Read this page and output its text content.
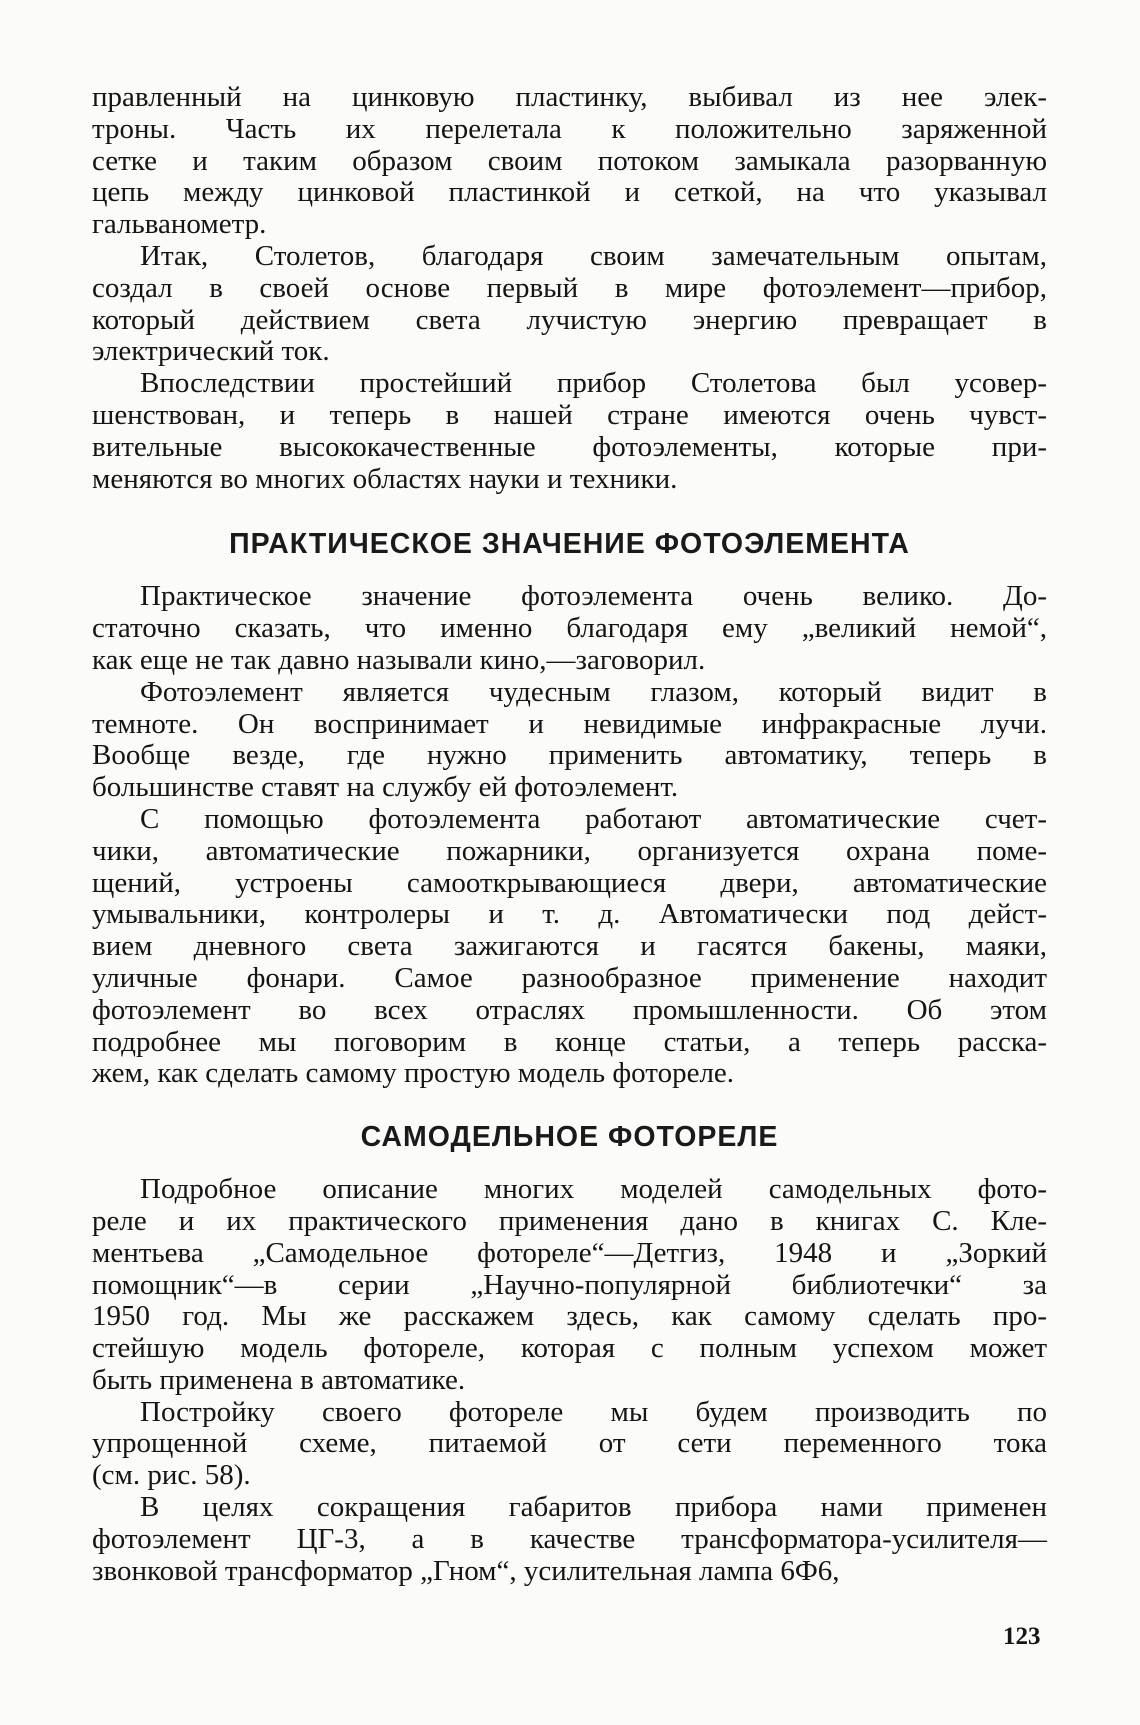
правленный на цинковую пластинку, выбивал из нее элек-
троны. Часть их перелетала к положительно заряженной
сетке и таким образом своим потоком замыкала разорванную
цепь между цинковой пластинкой и сеткой, на что указывал
гальванометр.

Итак, Столетов, благодаря своим замечательным опытам,
создал в своей основе первый в мире фотоэлемент—прибор,
который действием света лучистую энергию превращает в
электрический ток.

Впоследствии простейший прибор Столетова был усовер-
шенствован, и теперь в нашей стране имеются очень чувст-
вительные высококачественные фотоэлементы, которые при-
меняются во многих областях науки и техники.

ПРАКТИЧЕСКОЕ ЗНАЧЕНИЕ ФОТОЭЛЕМЕНТА

Практическое значение фотоэлемента очень велико. До-
статочно сказать, что именно благодаря ему „великий немой“,
как еще не так давно называли кино,—заговорил.

Фотоэлемент является чудесным глазом, который видит в
темноте. Он воспринимает и невидимые инфракрасные лучи.
Вообще везде, где нужно применить автоматику, теперь в
большинстве ставят на службу ей фотоэлемент.

С помощью фотоэлемента работают автоматические счет-
чики, автоматические пожарники, организуется охрана поме-
щений, устроены самооткрывающиеся двери, автоматические
умывальники, контролеры и т. д. Автоматически под дейст-
вием дневного света зажигаются и гасятся бакены, маяки,
уличные фонари. Самое разнообразное применение находит
фотоэлемент во всех отраслях промышленности. Об этом
подробнее мы поговорим в конце статьи, а теперь расска-
жем, как сделать самому простую модель фотореле.

САМОДЕЛЬНОЕ ФОТОРЕЛЕ

Подробное описание многих моделей самодельных фото-
реле и их практического применения дано в книгах С. Кле-
ментьева „Самодельное фотореле“—Детгиз, 1948 и „Зоркий
помощник“—в серии „Научно-популярной библиотечки“ за
1950 год. Мы же расскажем здесь, как самому сделать про-
стейшую модель фотореле, которая с полным успехом может
быть применена в автоматике.

Постройку своего фотореле мы будем производить по
упрощенной схеме, питаемой от сети переменного тока
(см. рис. 58).

В целях сокращения габаритов прибора нами применен
фотоэлемент ЦГ-3, а в качестве трансформатора-усилителя—
звонковой трансформатор „Гном“, усилительная лампа 6Ф6,

123
